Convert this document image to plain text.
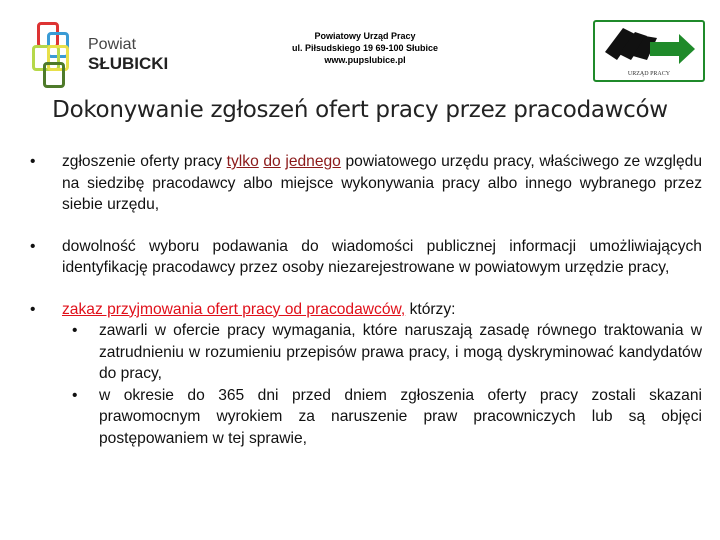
Powiat
SŁUBICKI
Powiatowy Urząd Pracy
ul. Piłsudskiego 19 69-100 Słubice
www.pupslubice.pl
URZĄD PRACY
Dokonywanie zgłoszeń ofert pracy przez pracodawców
• zgłoszenie oferty pracy tylko do jednego powiatowego urzędu pracy, właściwego ze względu na siedzibę pracodawcy albo miejsce wykonywania pracy albo innego wybranego przez siebie urzędu,
• dowolność wyboru podawania do wiadomości publicznej informacji umożliwiających identyfikację pracodawcy przez osoby niezarejestrowane w powiatowym urzędzie pracy,
• zakaz przyjmowania ofert pracy od pracodawców, którzy:
• zawarli w ofercie pracy wymagania, które naruszają zasadę równego traktowania w zatrudnieniu w rozumieniu przepisów prawa pracy, i mogą dyskryminować kandydatów do pracy,
• w okresie do 365 dni przed dniem zgłoszenia oferty pracy zostali skazani prawomocnym wyrokiem za naruszenie praw pracowniczych lub są objęci postępowaniem w tej sprawie,
